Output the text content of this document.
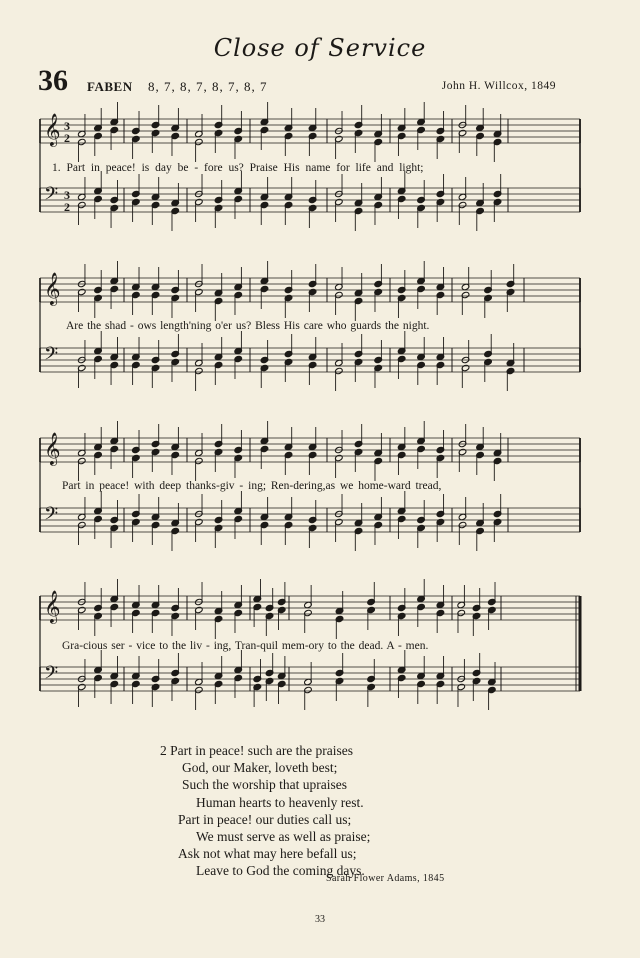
Close of Service
36 FABEN 8, 7, 8, 7, 8, 7, 8, 7	John H. Willcox, 1849
𝄞 3
2
𝄢 3
2
𝄞
𝄢
𝄞
𝄢
𝄞
𝄢
1. Part in peace! is day be - fore us? Praise His name for life and light;
Are the shad - ows length'ning o'er us? Bless His care who guards the night.
Part in peace! with deep thanks-giv - ing; Ren-dering,as we home-ward tread,
Gra-cious ser - vice to the liv - ing, Tran-quil mem-ory to the dead. A - men.
2 Part in peace! such are the praises
God, our Maker, loveth best;
Such the worship that upraises
Human hearts to heavenly rest.
Part in peace! our duties call us;
We must serve as well as praise;
Ask not what may here befall us;
Leave to God the coming days.
Sarah Flower Adams, 1845
33
